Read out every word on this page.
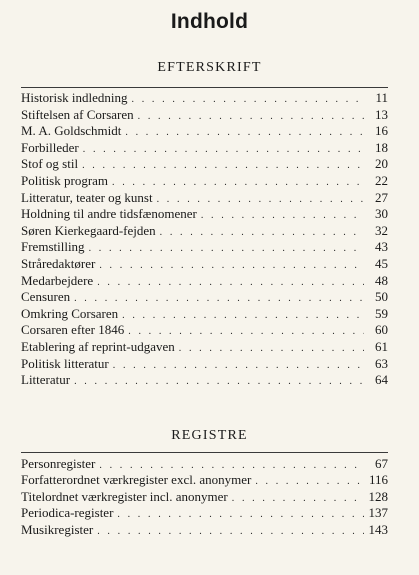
Indhold
EFTERSKRIFT
Historisk indledning . . .	11
Stiftelsen af Corsaren . . .	13
M. A. Goldschmidt . . .	16
Forbilleder . . .	18
Stof og stil . . .	20
Politisk program . . .	22
Litteratur, teater og kunst . . .	27
Holdning til andre tidsfænomener . . .	30
Søren Kierkegaard-fejden . . .	32
Fremstilling . . .	43
Stråredaktører . . .	45
Medarbejdere . . .	48
Censuren . . .	50
Omkring Corsaren . . .	59
Corsaren efter 1846 . . .	60
Etablering af reprint-udgaven . . .	61
Politisk litteratur . . .	63
Litteratur . . .	64
REGISTRE
Personregister . . .	67
Forfatterordnet værkregister excl. anonymer . . .	116
Titelordnet værkregister incl. anonymer . . .	128
Periodica-register . . .	137
Musikregister . . .	143
